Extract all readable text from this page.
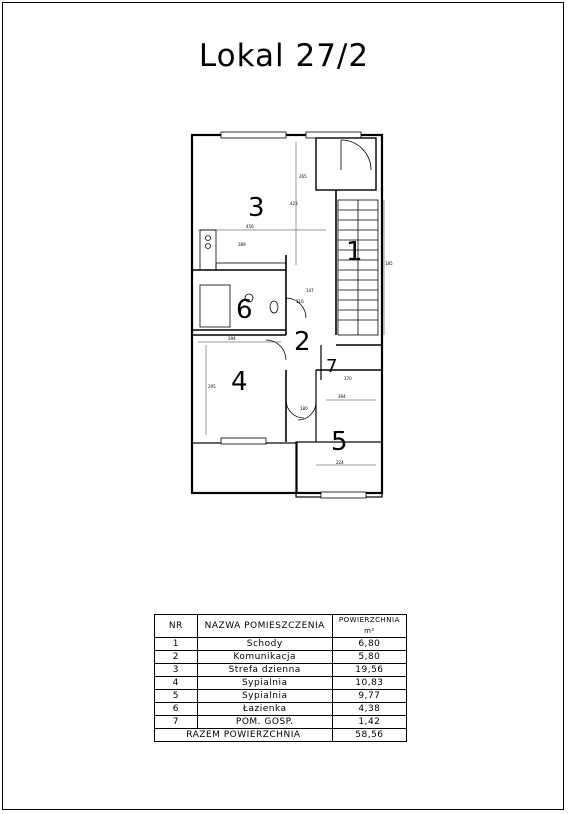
Lokal 27/2
3
1
6
2
4
7
5
456
389
423
265
147
116
394
295
170
180
224
185
394
NR	NAZWA POMIESZCZENIA	POWIERZCHNIA m²
1	Schody	6,80
2	Komunikacja	5,80
3	Strefa dzienna	19,56
4	Sypialnia	10,83
5	Sypialnia	9,77
6	Łazienka	4,38
7	POM. GOSP.	1,42
RAZEM POWIERZCHNIA		58,56
